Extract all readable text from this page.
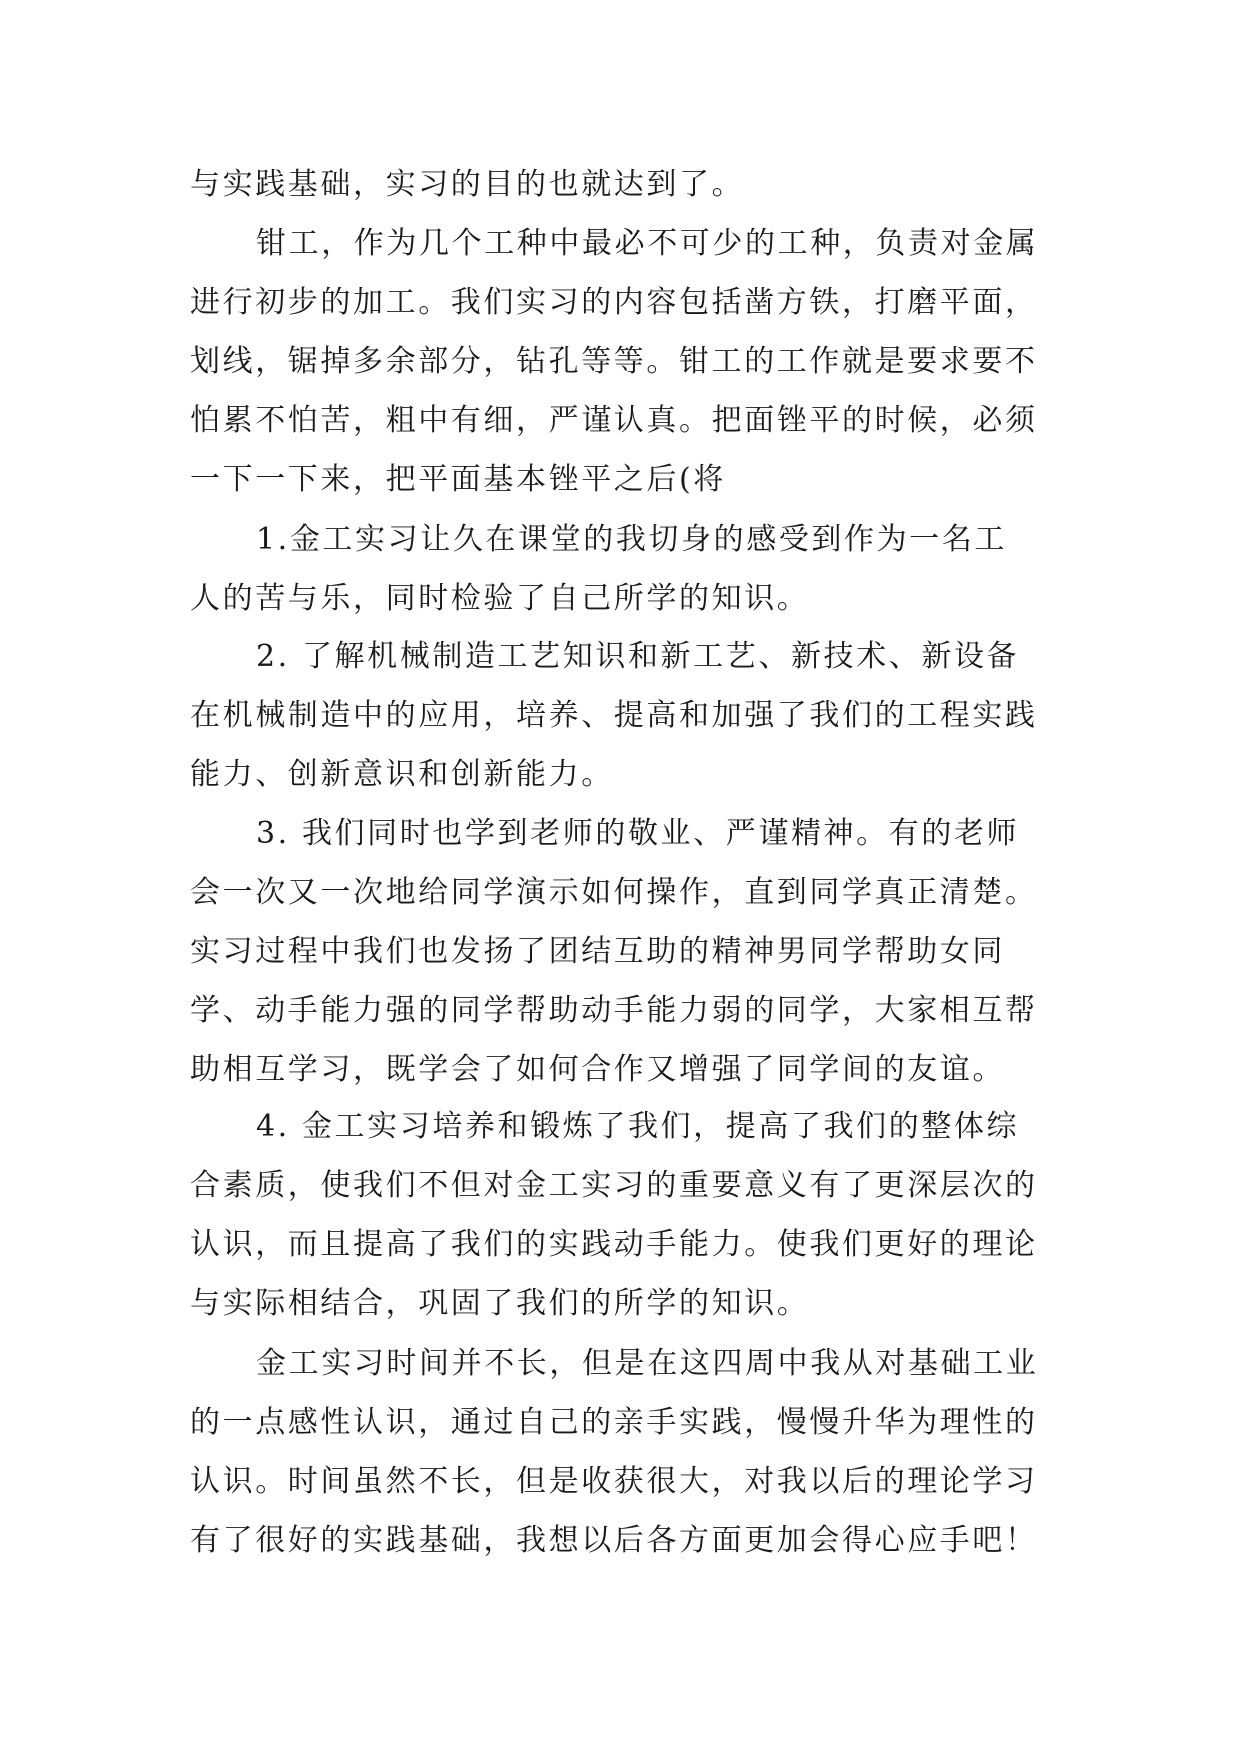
与实践基础，实习的目的也就达到了。
钳工，作为几个工种中最必不可少的工种，负责对金属
进行初步的加工。我们实习的内容包括凿方铁，打磨平面，
划线，锯掉多余部分，钻孔等等。钳工的工作就是要求要不
怕累不怕苦，粗中有细，严谨认真。把面锉平的时候，必须
一下一下来，把平面基本锉平之后(将
1.金工实习让久在课堂的我切身的感受到作为一名工
人的苦与乐，同时检验了自己所学的知识。
2. 了解机械制造工艺知识和新工艺、新技术、新设备
在机械制造中的应用，培养、提高和加强了我们的工程实践
能力、创新意识和创新能力。
3. 我们同时也学到老师的敬业、严谨精神。有的老师
会一次又一次地给同学演示如何操作，直到同学真正清楚。
实习过程中我们也发扬了团结互助的精神男同学帮助女同
学、动手能力强的同学帮助动手能力弱的同学，大家相互帮
助相互学习，既学会了如何合作又增强了同学间的友谊。
4. 金工实习培养和锻炼了我们，提高了我们的整体综
合素质，使我们不但对金工实习的重要意义有了更深层次的
认识，而且提高了我们的实践动手能力。使我们更好的理论
与实际相结合，巩固了我们的所学的知识。
金工实习时间并不长，但是在这四周中我从对基础工业
的一点感性认识，通过自己的亲手实践，慢慢升华为理性的
认识。时间虽然不长，但是收获很大，对我以后的理论学习
有了很好的实践基础，我想以后各方面更加会得心应手吧！
